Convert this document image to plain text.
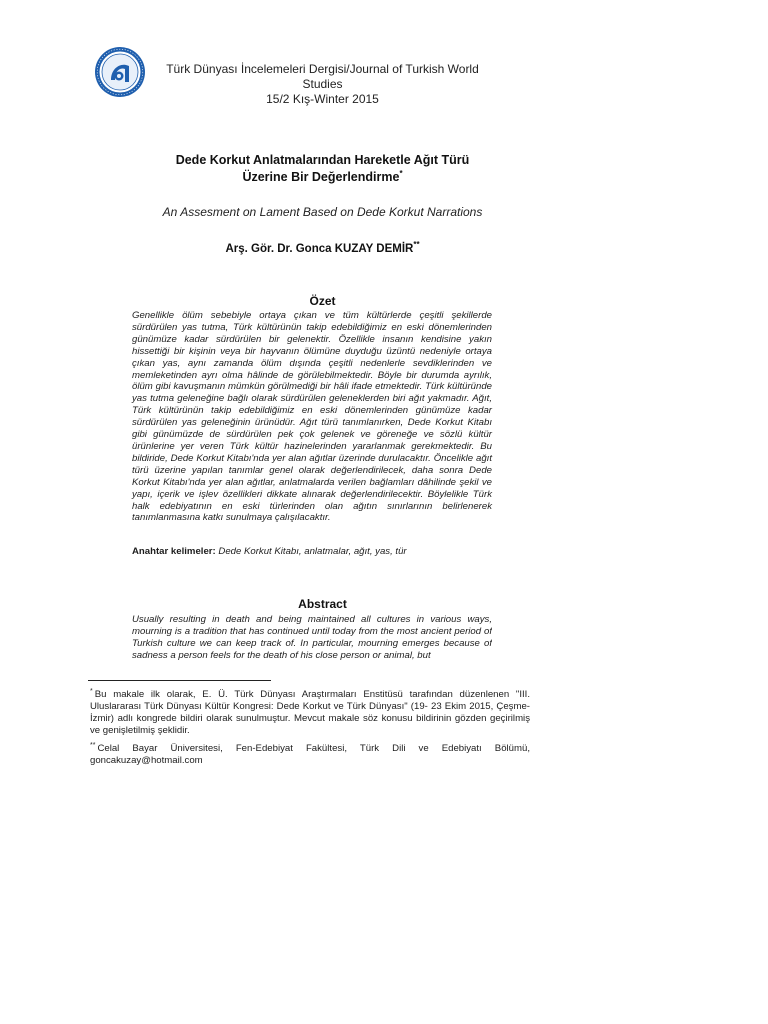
Türk Dünyası İncelemeleri Dergisi/Journal of Turkish World Studies
15/2 Kış-Winter 2015
Dede Korkut Anlatmalarından Hareketle Ağıt Türü
Üzerine Bir Değerlendirme*
An Assesment on Lament Based on Dede Korkut Narrations
Arş. Gör. Dr. Gonca KUZAY DEMİR**
Özet
Genellikle ölüm sebebiyle ortaya çıkan ve tüm kültürlerde çeşitli şekillerde sürdürülen yas tutma, Türk kültürünün takip edebildiğimiz en eski dönemlerinden günümüze kadar sürdürülen bir gelenektir. Özellikle insanın kendisine yakın hissettiği bir kişinin veya bir hayvanın ölümüne duyduğu üzüntü nedeniyle ortaya çıkan yas, aynı zamanda ölüm dışında çeşitli nedenlerle sevdiklerinden ve memleketinden ayrı olma hâlinde de görülebilmektedir. Böyle bir durumda ayrılık, ölüm gibi kavuşmanın mümkün görülmediği bir hâli ifade etmektedir. Türk kültüründe yas tutma geleneğine bağlı olarak sürdürülen geleneklerden biri ağıt yakmadır. Ağıt, Türk kültürünün takip edebildiğimiz en eski dönemlerinden günümüze kadar sürdürülen yas geleneğinin ürünüdür. Ağıt türü tanımlanırken, Dede Korkut Kitabı gibi günümüzde de sürdürülen pek çok gelenek ve göreneğe ve sözlü kültür ürünlerine yer veren Türk kültür hazinelerinden yararlanmak gerekmektedir. Bu bildiride, Dede Korkut Kitabı'nda yer alan ağıtlar üzerinde durulacaktır. Öncelikle ağıt türü üzerine yapılan tanımlar genel olarak değerlendirilecek, daha sonra Dede Korkut Kitabı'nda yer alan ağıtlar, anlatmalarda verilen bağlamları dâhilinde şekil ve yapı, içerik ve işlev özellikleri dikkate alınarak değerlendirilecektir. Böylelikle Türk halk edebiyatının en eski türlerinden olan ağıtın sınırlarının belirlenerek tanımlanmasına katkı sunulmaya çalışılacaktır.
Anahtar kelimeler: Dede Korkut Kitabı, anlatmalar, ağıt, yas, tür
Abstract
Usually resulting in death and being maintained all cultures in various ways, mourning is a tradition that has continued until today from the most ancient period of Turkish culture we can keep track of. In particular, mourning emerges because of sadness a person feels for the death of his close person or animal, but
* Bu makale ilk olarak, E. Ü. Türk Dünyası Araştırmaları Enstitüsü tarafından düzenlenen "III. Uluslararası Türk Dünyası Kültür Kongresi: Dede Korkut ve Türk Dünyası" (19- 23 Ekim 2015, Çeşme- İzmir) adlı kongrede bildiri olarak sunulmuştur. Mevcut makale söz konusu bildirinin gözden geçirilmiş ve genişletilmiş şeklidir.
** Celal Bayar Üniversitesi, Fen-Edebiyat Fakültesi, Türk Dili ve Edebiyatı Bölümü, goncakuzay@hotmail.com
